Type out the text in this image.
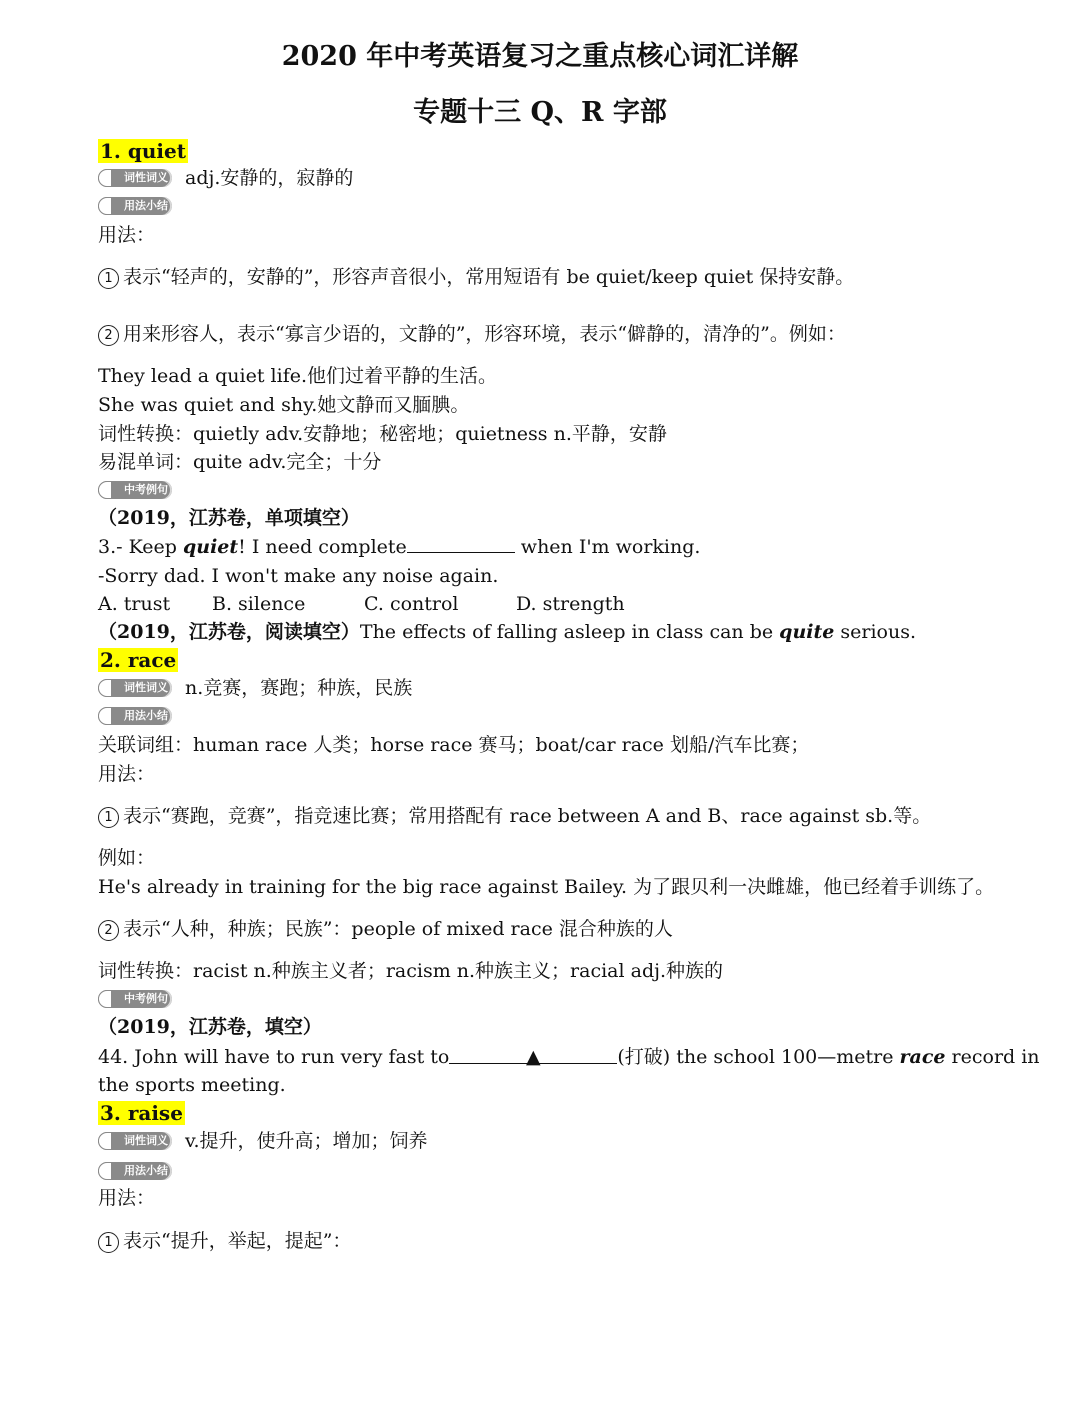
2020 年中考英语复习之重点核心词汇详解
专题十三 Q、R 字部
1. quiet
词性词义 adj.安静的，寂静的
用法小结
用法：
1 表示“轻声的，安静的”，形容声音很小，常用短语有 be quiet/keep quiet 保持安静。
2 用来形容人，表示“寡言少语的，文静的”，形容环境，表示“僻静的，清净的”。例如：
They lead a quiet life.他们过着平静的生活。
She was quiet and shy.她文静而又腼腆。
词性转换：quietly adv.安静地；秘密地；quietness n.平静，安静
易混单词：quite adv.完全；十分
中考例句
（2019，江苏卷，单项填空）
3.- Keep quiet! I need complete	when I'm working.
-Sorry dad. I won't make any noise again.
A. trust B. silence	C. control	D. strength
（2019，江苏卷，阅读填空）The effects of falling asleep in class can be quite serious.
2. race
词性词义 n.竞赛，赛跑；种族，民族
用法小结
关联词组：human race 人类；horse race 赛马；boat/car race 划船/汽车比赛；
用法：
1 表示“赛跑，竞赛”，指竞速比赛；常用搭配有 race between A and B、race against sb.等。
例如：
He's already in training for the big race against Bailey. 为了跟贝利一决雌雄，他已经着手训练了。
2 表示“人种，种族；民族”：people of mixed race 混合种族的人
词性转换：racist n.种族主义者；racism n.种族主义；racial adj.种族的
中考例句
（2019，江苏卷，填空）
44. John will have to run very fast to	▲	(打破) the school 100—metre race record in
the sports meeting.
3. raise
词性词义 v.提升，使升高；增加；饲养
用法小结
用法：
1 表示“提升，举起，提起”：
